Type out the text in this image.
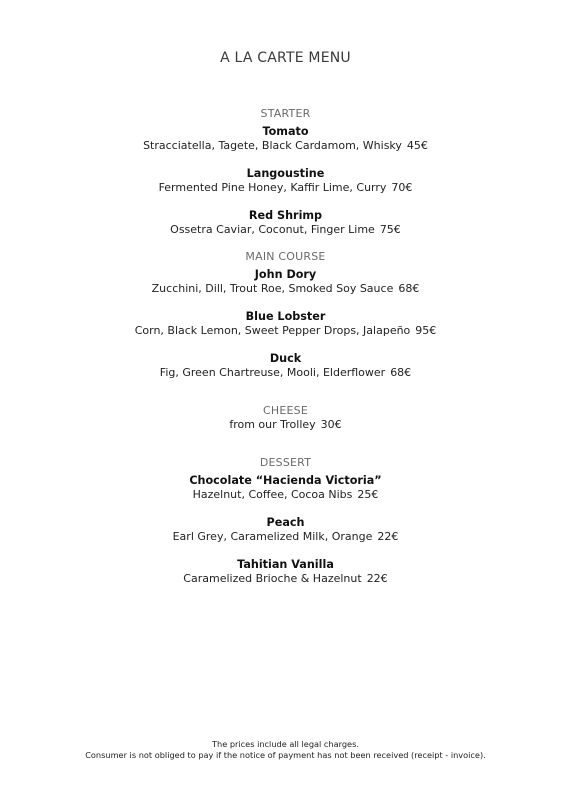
A LA CARTE MENU
STARTER
Tomato
Stracciatella, Tagete, Black Cardamom, Whisky 45€
Langoustine
Fermented Pine Honey, Kaffir Lime, Curry 70€
Red Shrimp
Ossetra Caviar, Coconut, Finger Lime 75€
MAIN COURSE
John Dory
Zucchini, Dill, Trout Roe, Smoked Soy Sauce 68€
Blue Lobster
Corn, Black Lemon, Sweet Pepper Drops, Jalapeño 95€
Duck
Fig, Green Chartreuse, Mooli, Elderflower 68€
CHEESE
from our Trolley 30€
DESSERT
Chocolate “Hacienda Victoria”
Hazelnut, Coffee, Cocoa Nibs 25€
Peach
Earl Grey, Caramelized Milk, Orange 22€
Tahitian Vanilla
Caramelized Brioche & Hazelnut 22€
The prices include all legal charges.
Consumer is not obliged to pay if the notice of payment has not been received (receipt - invoice).
